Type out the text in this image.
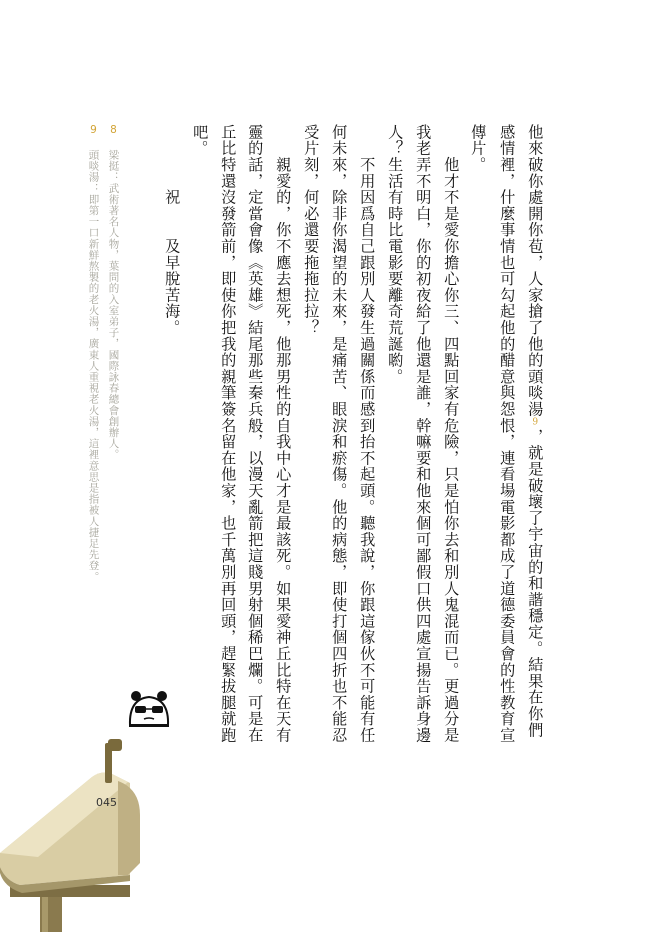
他來破你處開你苞，人家搶了他的頭啖湯9，就是破壞了宇宙的和諧穩定。結果在你們
感情裡，什麼事情也可勾起他的醋意與怨恨，連看場電影都成了道德委員會的性教育宣
傳片。
　　他才不是愛你擔心你三、四點回家有危險，只是怕你去和別人鬼混而已。更過分是
我老弄不明白，你的初夜給了他還是誰，幹嘛要和他來個可鄙假口供四處宣揚告訴身邊
人？生活有時比電影要離奇荒誕喲。
　　不用因爲自己跟別人發生過關係而感到抬不起頭。聽我說，你跟這傢伙不可能有任
何未來，除非你渴望的未來，是痛苦、眼淚和瘀傷。他的病態，即使打個四折也不能忍
受片刻，何必還要拖拖拉拉？
　　親愛的，你不應去想死，他那男性的自我中心才是最該死。如果愛神丘比特在天有
靈的話，定當會像《英雄》結尾那些秦兵般，以漫天亂箭把這賤男射個稀巴爛。可是在
丘比特還沒發箭前，即使你把我的親筆簽名留在他家，也千萬別再回頭，趕緊拔腿就跑
吧。
　　　　祝　　及早脫苦海。
8 梁挺：武術著名人物，葉問的入室弟子，國際詠春總會創辦人。
9 頭啖湯：即第一口新鮮熬製的老火湯，廣東人重視老火湯，這裡意思是指被人捷足先登。
045
